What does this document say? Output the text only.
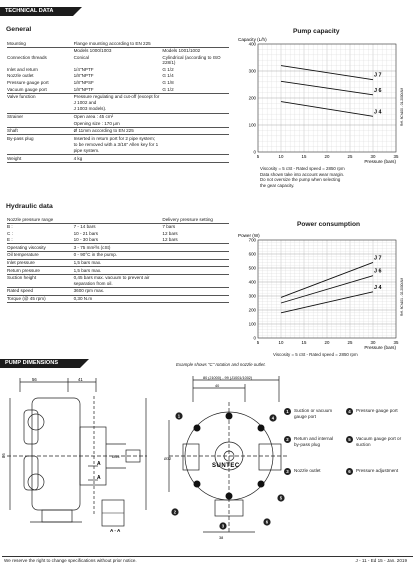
TECHNICAL DATA
General
Mounting	Flange mounting according to EN 225	
	Models 1000/1003	Models 1001/1002
Connection threads	Conical	Cylindrical (according to ISO 228/1)
Inlet and return	1/4"NPTF	G 1/2
Nozzle outlet	1/8"NPTF	G 1/4
Pressure gauge port	1/8"NPSF	G 1/8
Vacuum gauge port	1/8"NPTF	G 1/2
Valve function	Pressure regulating and cut-off (except for J 1002 and	
	J 1003 models).	
Strainer	Open area : 45 cm²	
	Opening size : 170 µm	
Shaft	Ø 11mm according to EN 225	
By-pass plug	Inserted in return port for 2 pipe system;	
	to be removed with a 3/16" Allen key for 1 pipe system.	
Weight	4 kg	
Hydraulic data
Nozzle pressure range		Delivery pressure setting
B :	7 - 14 bars	7 bars
C :	10 - 21 bars	12 bars
E :	10 - 30 bars	12 bars
Operating viscosity	3 - 75 mm²/s (cSt)	
Oil temperature	0 - 90°C in the pump.	
Inlet pressure	1,5 bars max.	
Return pressure	1,5 bars max.	
Suction height	0,45 bars max. vacuum to prevent air separation from oil.	
Rated speed	3600 rpm max.	
Torque (@ 45 rpm)	0,30 N.m	
Pump capacity
5	10	15	20	25	30	35
0
100
200
300
400
Capacity (L/h)
Pressure (bars)
J 7
J 6
J 4	Réf. 8Ch100 - 01-2000/AM
Viscosity = 5 cSt - Rated speed = 2850 rpm
Data shown take into account wear margin.
Do not oversize the pump when selecting
the gear capacity.
Power consumption
5	10	15	20	25	30	35
0
100
200
300
400
500
600
700
Power (W)
Pressure (bars)
J 7
J 6
J 4	Réf. 8Ch101 - 02-2000/AM
Viscosity = 5 cSt - Rated speed = 2850 rpm
PUMP DIMENSIONS	Example shows "C" rotation and nozzle outlet.
56	41
86
A
A
Ø54
A - A
SUNTEC
80 (J1000) - 99 (J1001/1002)
40
Ø32
38
1
2
4
5
3
6
1	Suction or vacuum gauge port
2	Return and internal by-pass plug
3	Nozzle outlet
4	Pressure gauge port
5	Vacuum gauge port or suction
6	Pressure adjustment
We reserve the right to change specifications without prior notice.	J - 11 - Ed 15 - Jan. 2019
